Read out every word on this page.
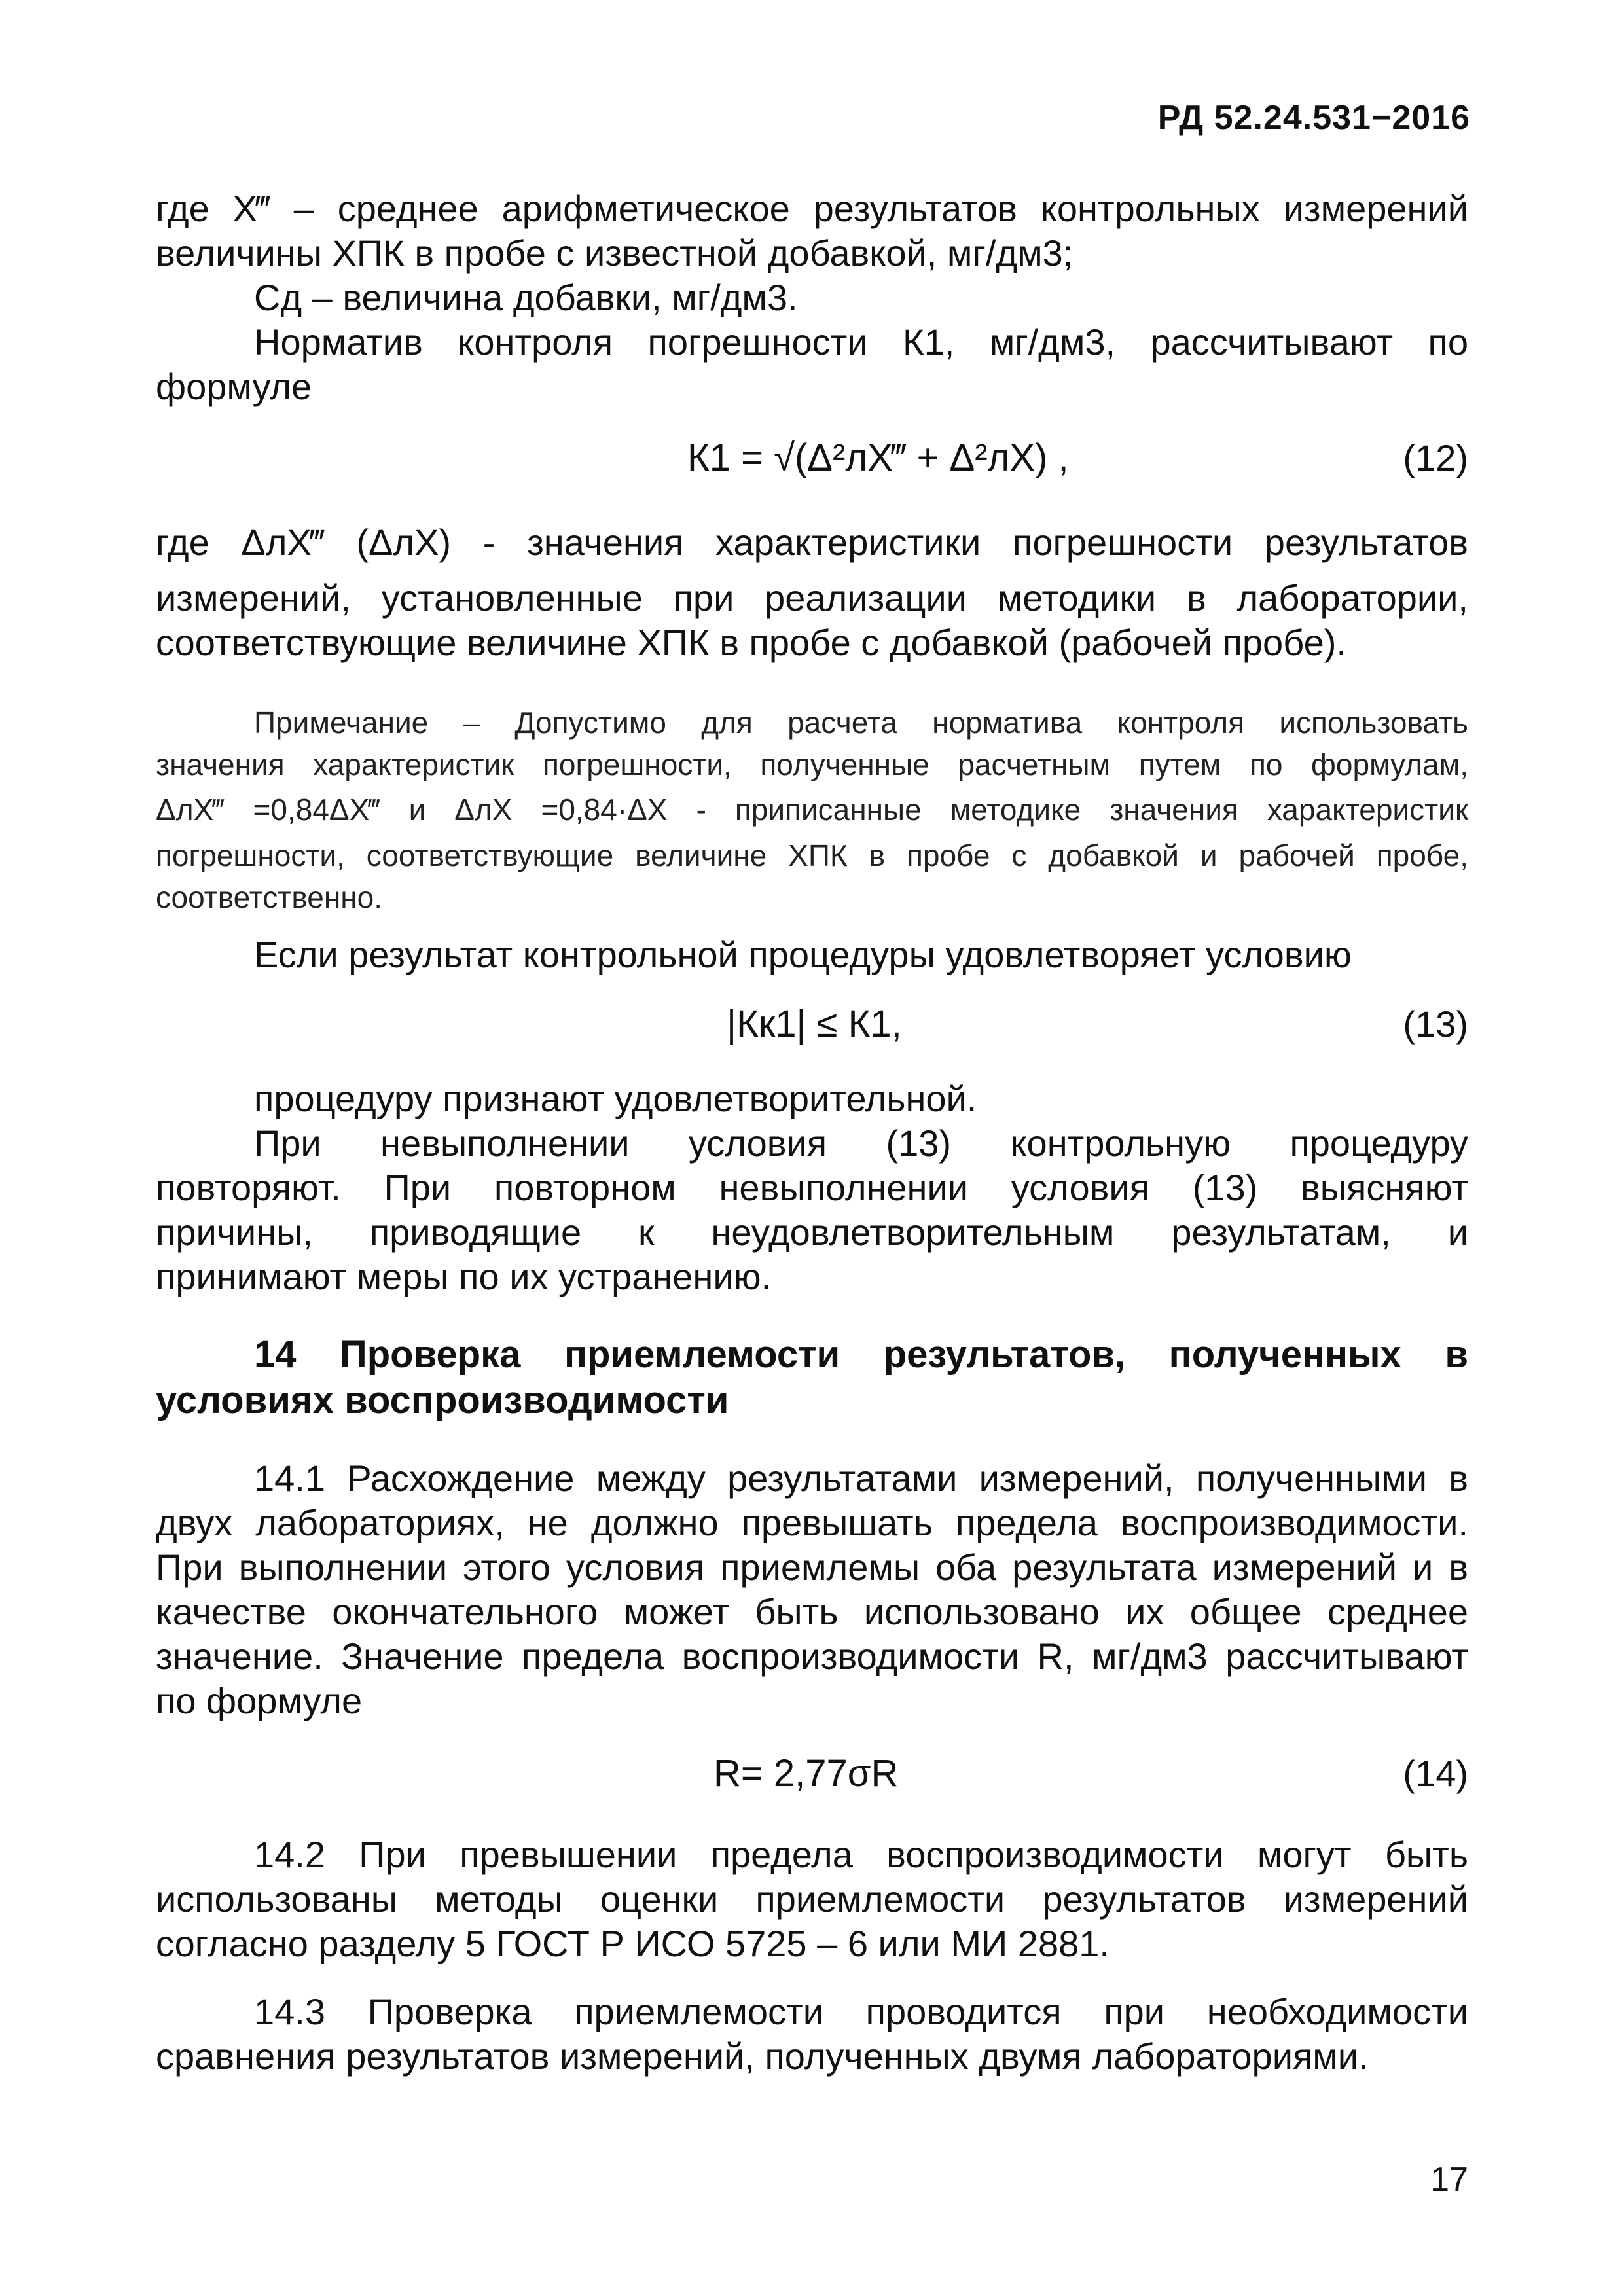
РД 52.24.531−2016

где X‴ – среднее арифметическое результатов контрольных измерений

величины ХПК в пробе с известной добавкой, мг/дм3;

Сд – величина добавки, мг/дм3.

Норматив контроля погрешности К1, мг/дм3, рассчитывают по

формуле

К1 = √(Δ²лX‴ + Δ²лX) ,	(12)

где ΔлX‴ (ΔлX) - значения характеристики погрешности результатов

измерений, установленные при реализации методики в лаборатории,

соответствующие величине ХПК в пробе с добавкой (рабочей пробе).

Примечание – Допустимо для расчета норматива контроля использовать

значения характеристик погрешности, полученные расчетным путем по формулам,

ΔлX‴ =0,84ΔX‴ и ΔлX =0,84·ΔX - приписанные методике значения характеристик

погрешности, соответствующие величине ХПК в пробе с добавкой и рабочей пробе,

соответственно.

Если результат контрольной процедуры удовлетворяет условию

|Кк1| ≤ К1,	(13)

процедуру признают удовлетворительной.

При невыполнении условия (13) контрольную процедуру

повторяют. При повторном невыполнении условия (13) выясняют

причины, приводящие к неудовлетворительным результатам, и

принимают меры по их устранению.

14 Проверка приемлемости результатов, полученных в
условиях воспроизводимости

14.1 Расхождение между результатами измерений, полученными в

двух лабораториях, не должно превышать предела воспроизводимости.

При выполнении этого условия приемлемы оба результата измерений и в

качестве окончательного может быть использовано их общее среднее

значение. Значение предела воспроизводимости R, мг/дм3 рассчитывают

по формуле

R= 2,77σR	(14)

14.2 При превышении предела воспроизводимости могут быть

использованы методы оценки приемлемости результатов измерений

согласно разделу 5 ГОСТ Р ИСО 5725 – 6 или МИ 2881.

14.3 Проверка приемлемости проводится при необходимости

сравнения результатов измерений, полученных двумя лабораториями.

17
